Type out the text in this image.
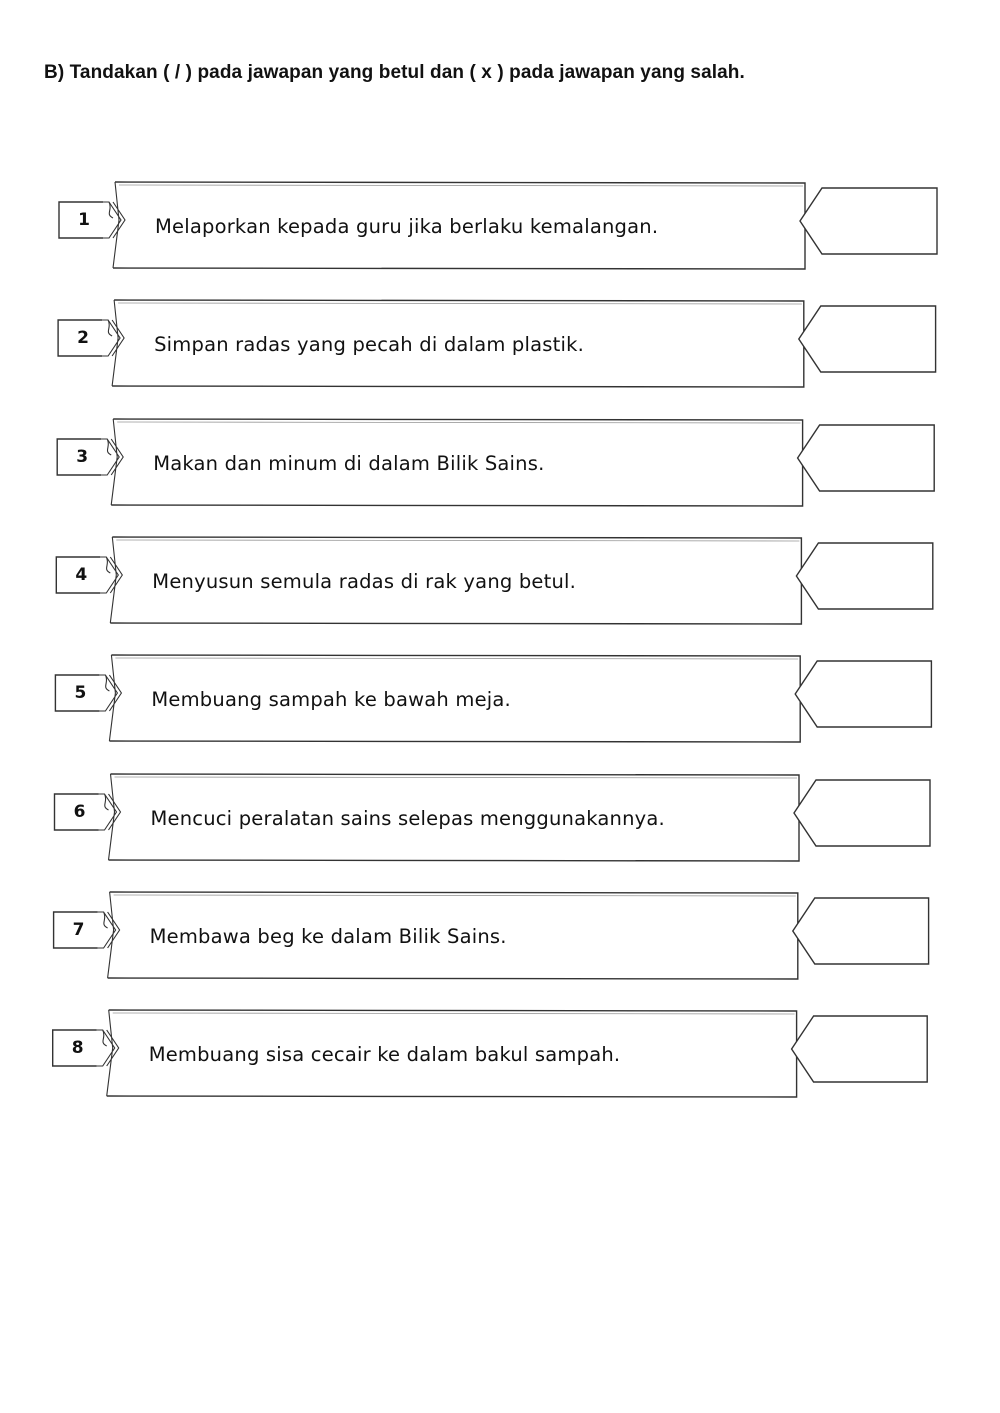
B) Tandakan ( / ) pada jawapan yang betul dan ( x ) pada jawapan yang salah.
1	Melaporkan kepada guru jika berlaku kemalangan.
2	Simpan radas yang pecah di dalam plastik.
3	Makan dan minum di dalam Bilik Sains.
4	Menyusun semula radas di rak yang betul.
5	Membuang sampah ke bawah meja.
6	Mencuci peralatan sains selepas menggunakannya.
7	Membawa beg ke dalam Bilik Sains.
8	Membuang sisa cecair ke dalam bakul sampah.
